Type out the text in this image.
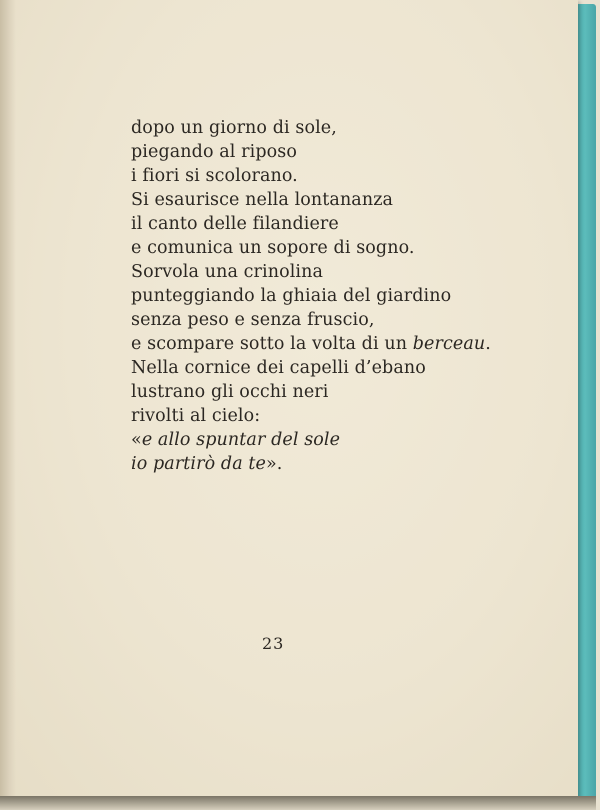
dopo un giorno di sole,
piegando al riposo
i fiori si scolorano.
Si esaurisce nella lontananza
il canto delle filandiere
e comunica un sopore di sogno.
Sorvola una crinolina
punteggiando la ghiaia del giardino
senza peso e senza fruscio,
e scompare sotto la volta di un berceau.
Nella cornice dei capelli d’ebano
lustrano gli occhi neri
rivolti al cielo:
«e allo spuntar del sole
io partirò da te».
23
